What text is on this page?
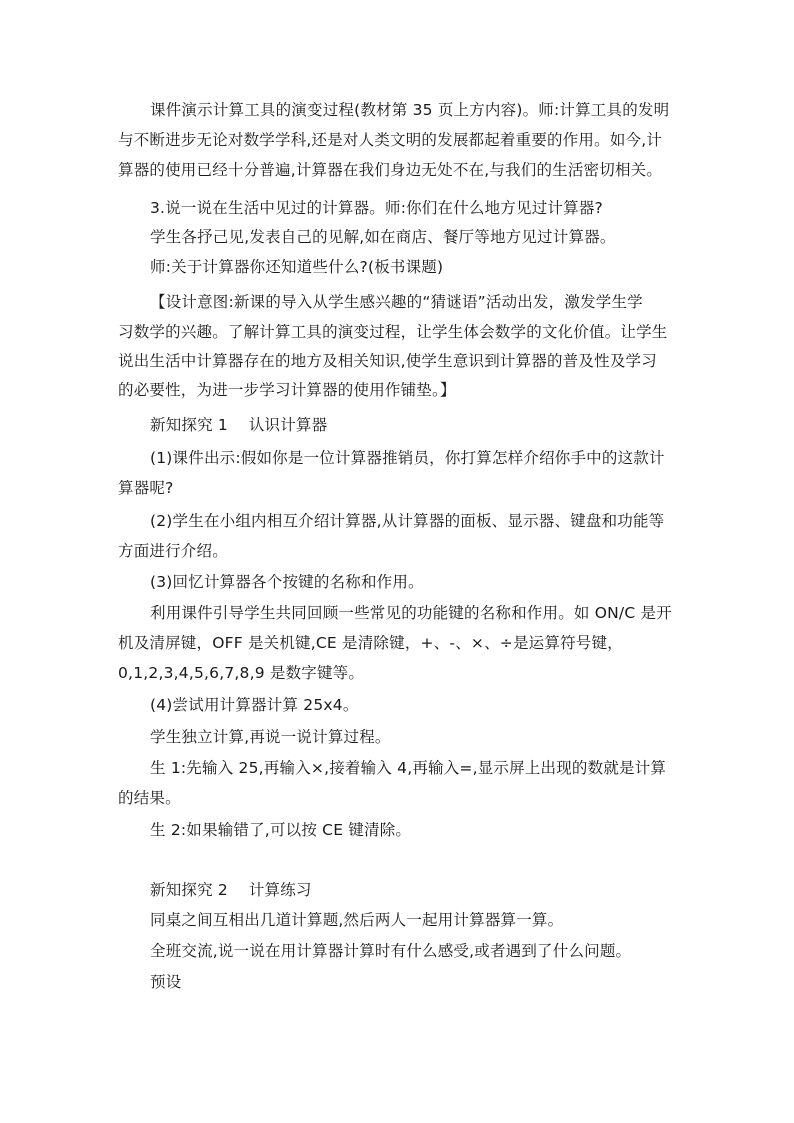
课件演示计算工具的演变过程(教材第 35 页上方内容)。师:计算工具的发明
与不断进步无论对数学学科,还是对人类文明的发展都起着重要的作用。如今,计
算器的使用已经十分普遍,计算器在我们身边无处不在,与我们的生活密切相关。
3.说一说在生活中见过的计算器。师:你们在什么地方见过计算器?
学生各抒己见,发表自己的见解,如在商店、餐厅等地方见过计算器。
师:关于计算器你还知道些什么?(板书课题)
【设计意图:新课的导入从学生感兴趣的“猜谜语”活动出发，激发学生学
习数学的兴趣。了解计算工具的演变过程，让学生体会数学的文化价值。让学生
说出生活中计算器存在的地方及相关知识,使学生意识到计算器的普及性及学习
的必要性，为进一步学习计算器的使用作铺垫。】
新知探究 1　 认识计算器
(1)课件出示:假如你是一位计算器推销员，你打算怎样介绍你手中的这款计
算器呢?
(2)学生在小组内相互介绍计算器,从计算器的面板、显示器、键盘和功能等
方面进行介绍。
(3)回忆计算器各个按键的名称和作用。
利用课件引导学生共同回顾一些常见的功能键的名称和作用。如 ON/C 是开
机及清屏键，OFF 是关机键,CE 是清除键，+、-、×、÷是运算符号键，
0,1,2,3,4,5,6,7,8,9 是数字键等。
(4)尝试用计算器计算 25x4。
学生独立计算,再说一说计算过程。
生 1:先输入 25,再输入×,接着输入 4,再输入=,显示屏上出现的数就是计算
的结果。
生 2:如果输错了,可以按 CE 键清除。
新知探究 2　 计算练习
同桌之间互相出几道计算题,然后两人一起用计算器算一算。
全班交流,说一说在用计算器计算时有什么感受,或者遇到了什么问题。
预设
